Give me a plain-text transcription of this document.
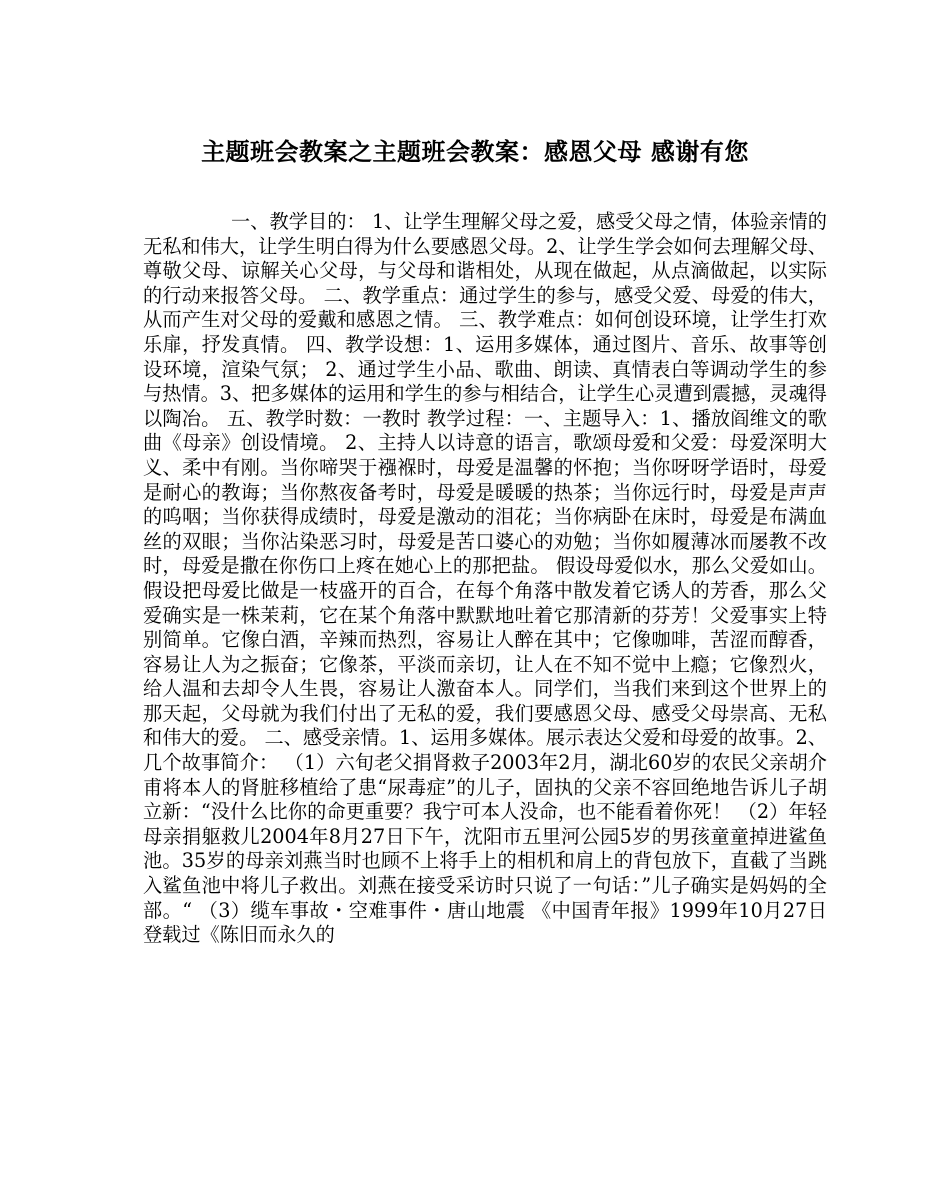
主题班会教案之主题班会教案：感恩父母 感谢有您

一、教学目的： 1、让学生理解父母之爱，感受父母之情，体验亲情的无私和伟大，让学生明白得为什么要感恩父母。2、让学生学会如何去理解父母、尊敬父母、谅解关心父母，与父母和谐相处，从现在做起，从点滴做起，以实际的行动来报答父母。 二、教学重点：通过学生的参与，感受父爱、母爱的伟大，从而产生对父母的爱戴和感恩之情。 三、教学难点：如何创设环境，让学生打欢乐扉，抒发真情。 四、教学设想：1、运用多媒体，通过图片、音乐、故事等创设环境，渲染气氛； 2、通过学生小品、歌曲、朗读、真情表白等调动学生的参与热情。3、把多媒体的运用和学生的参与相结合，让学生心灵遭到震撼，灵魂得以陶冶。 五、教学时数：一教时 教学过程：一、主题导入：1、播放阎维文的歌曲《母亲》创设情境。 2、主持人以诗意的语言，歌颂母爱和父爱：母爱深明大义、柔中有刚。当你啼哭于襁褓时，母爱是温馨的怀抱；当你呀呀学语时，母爱是耐心的教诲；当你熬夜备考时，母爱是暖暖的热茶；当你远行时，母爱是声声的呜咽；当你获得成绩时，母爱是激动的泪花；当你病卧在床时，母爱是布满血丝的双眼；当你沾染恶习时，母爱是苦口婆心的劝勉；当你如履薄冰而屡教不改时，母爱是撒在你伤口上疼在她心上的那把盐。 假设母爱似水，那么父爱如山。假设把母爱比做是一枝盛开的百合，在每个角落中散发着它诱人的芳香，那么父爱确实是一株茉莉，它在某个角落中默默地吐着它那清新的芬芳！父爱事实上特别简单。它像白酒，辛辣而热烈，容易让人醉在其中；它像咖啡，苦涩而醇香，容易让人为之振奋；它像茶，平淡而亲切，让人在不知不觉中上瘾；它像烈火，给人温和去却令人生畏，容易让人激奋本人。同学们，当我们来到这个世界上的那天起，父母就为我们付出了无私的爱，我们要感恩父母、感受父母崇高、无私和伟大的爱。 二、感受亲情。1、运用多媒体。展示表达父爱和母爱的故事。2、几个故事简介： （1）六旬老父捐肾救子2003年2月，湖北60岁的农民父亲胡介甫将本人的肾脏移植给了患“尿毒症”的儿子，固执的父亲不容回绝地告诉儿子胡立新：“没什么比你的命更重要？我宁可本人没命，也不能看着你死！ （2）年轻母亲捐躯救儿2004年8月27日下午，沈阳市五里河公园5岁的男孩童童掉进鲨鱼池。35岁的母亲刘燕当时也顾不上将手上的相机和肩上的背包放下，直截了当跳入鲨鱼池中将儿子救出。刘燕在接受采访时只说了一句话：”儿子确实是妈妈的全部。“ （3）缆车事故・空难事件・唐山地震 《中国青年报》1999年10月27日登载过《陈旧而永久的
